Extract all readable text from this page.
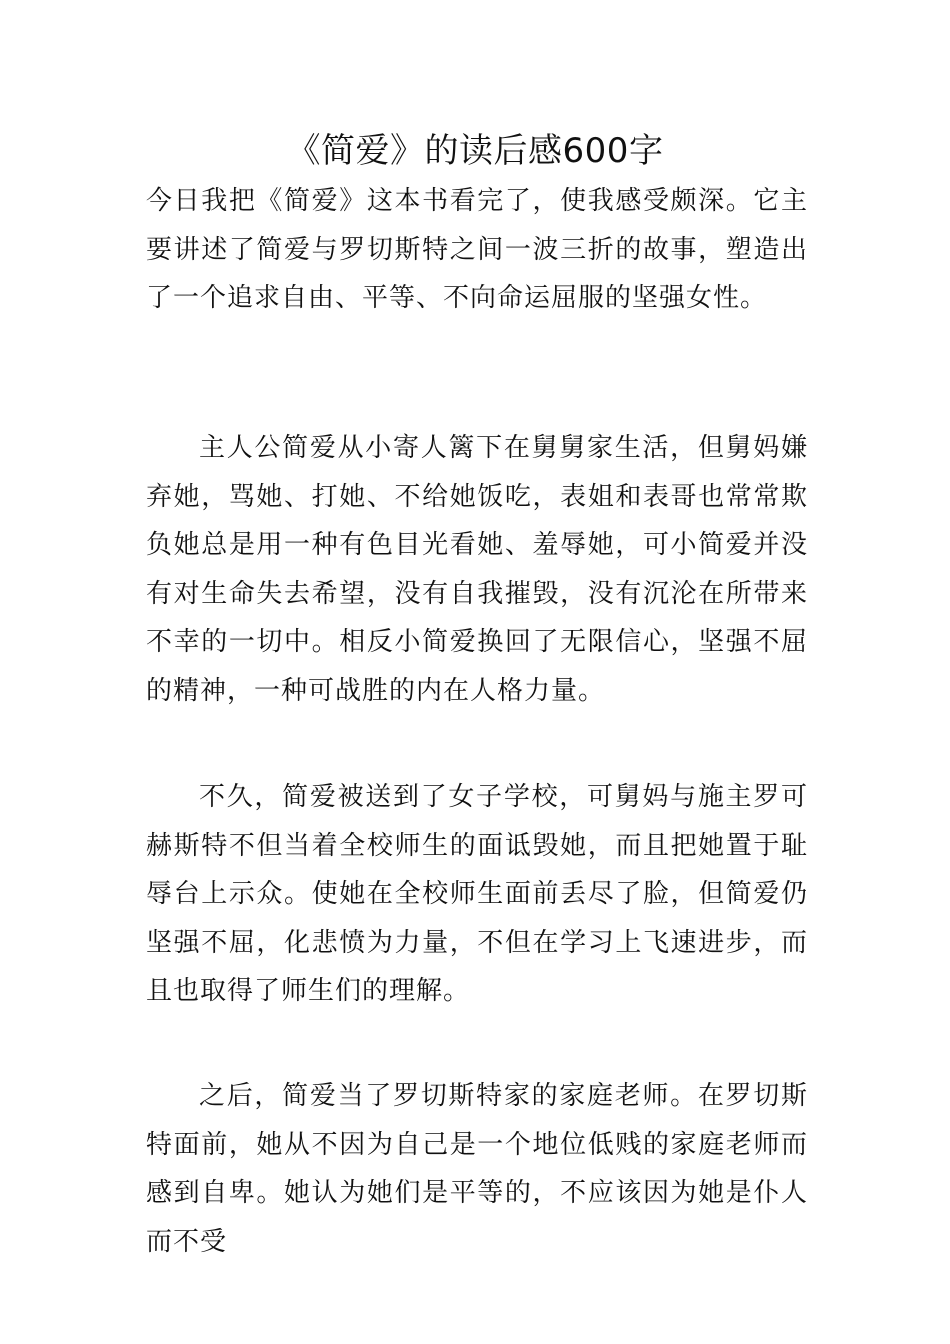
《简爱》的读后感600字

今日我把《简爱》这本书看完了，使我感受颇深。它主要讲述了简爱与罗切斯特之间一波三折的故事，塑造出了一个追求自由、平等、不向命运屈服的坚强女性。

主人公简爱从小寄人篱下在舅舅家生活，但舅妈嫌弃她，骂她、打她、不给她饭吃，表姐和表哥也常常欺负她总是用一种有色目光看她、羞辱她，可小简爱并没有对生命失去希望，没有自我摧毁，没有沉沦在所带来不幸的一切中。相反小简爱换回了无限信心，坚强不屈的精神，一种可战胜的内在人格力量。

不久，简爱被送到了女子学校，可舅妈与施主罗可赫斯特不但当着全校师生的面诋毁她，而且把她置于耻辱台上示众。使她在全校师生面前丢尽了脸，但简爱仍坚强不屈，化悲愤为力量，不但在学习上飞速进步，而且也取得了师生们的理解。

之后，简爱当了罗切斯特家的家庭老师。在罗切斯特面前，她从不因为自己是一个地位低贱的家庭老师而感到自卑。她认为她们是平等的，不应该因为她是仆人而不受
